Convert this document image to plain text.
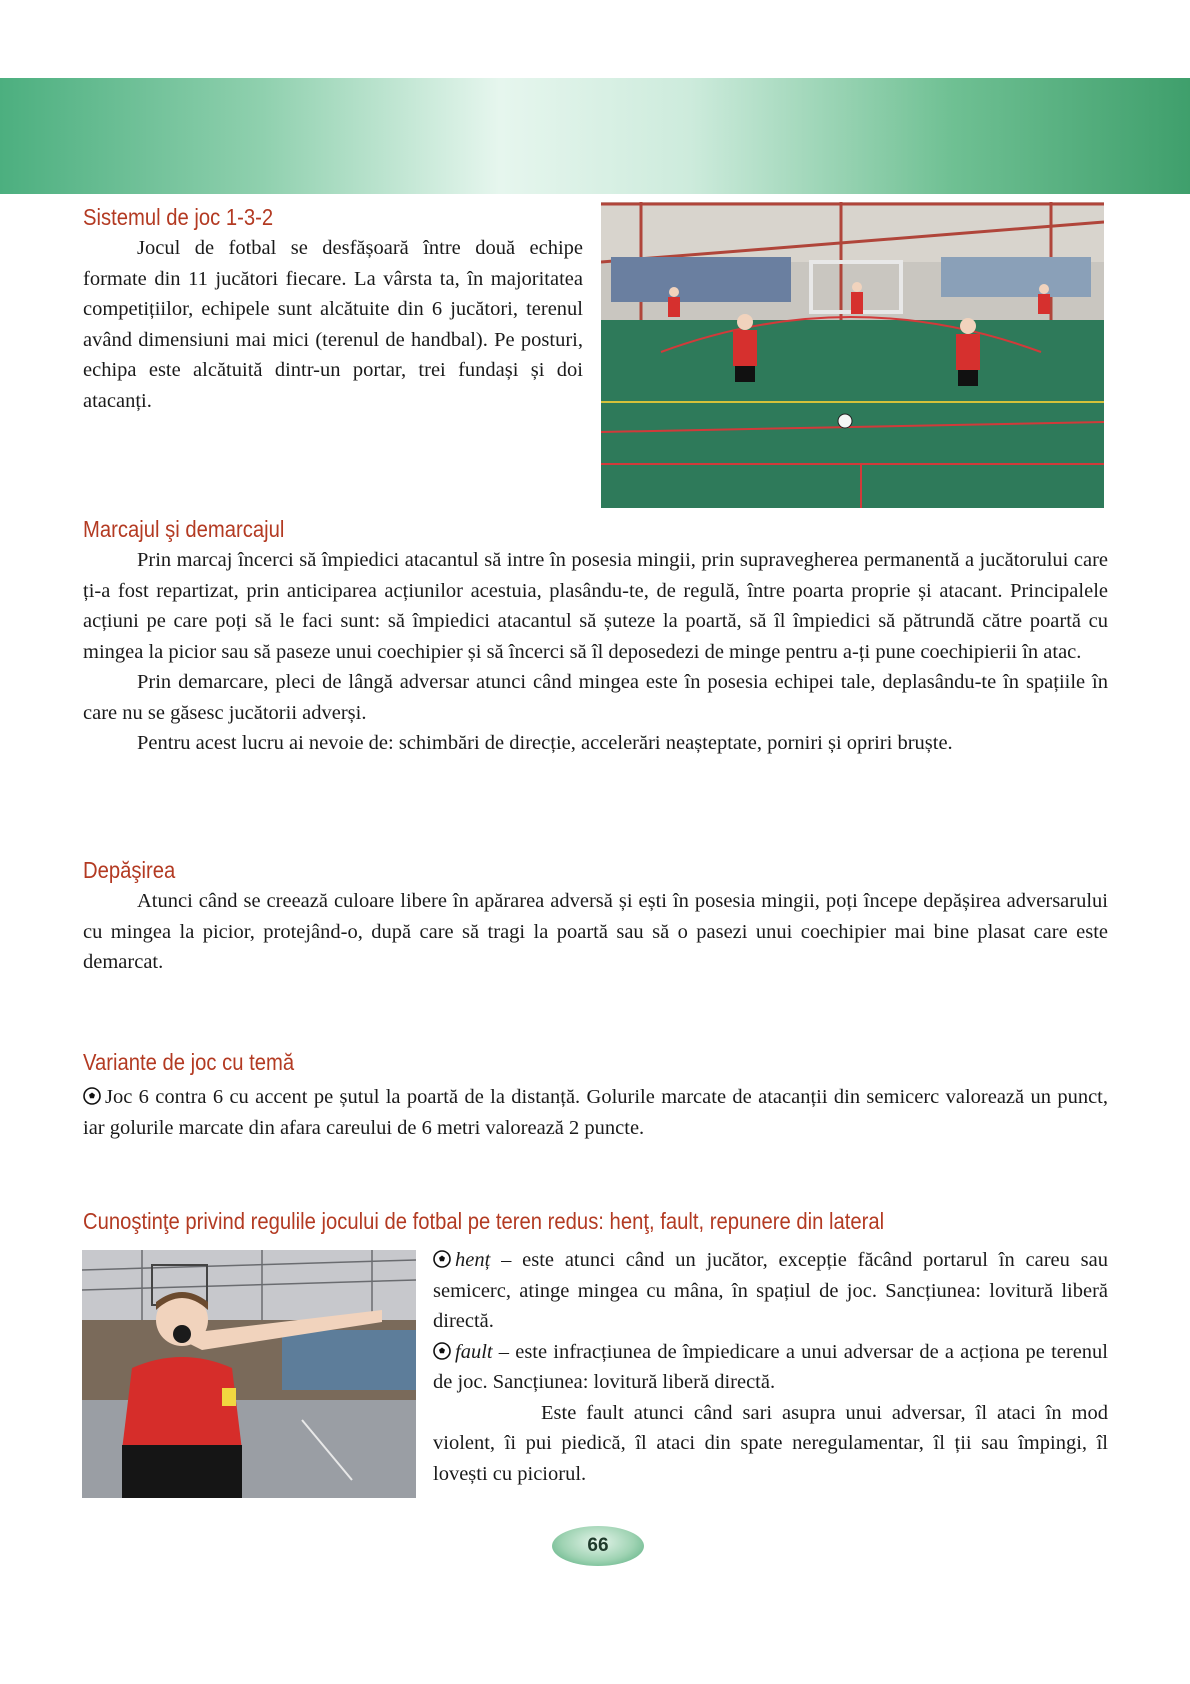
Sistemul de joc 1-3-2

Jocul de fotbal se desfășoară între două echipe formate din 11 jucători fiecare. La vârsta ta, în majoritatea competițiilor, echipele sunt alcătuite din 6 jucători, terenul având dimensiuni mai mici (terenul de handbal). Pe posturi, echipa este alcătuită dintr-un portar, trei fundași și doi atacanți.

Marcajul şi demarcajul

Prin marcaj încerci să împiedici atacantul să intre în posesia mingii, prin supravegherea permanentă a jucătorului care ți-a fost repartizat, prin anticiparea acțiunilor acestuia, plasându-te, de regulă, între poarta proprie și atacant. Principalele acțiuni pe care poți să le faci sunt: să împiedici atacantul să șuteze la poartă, să îl împiedici să pătrundă către poartă cu mingea la picior sau să paseze unui coechipier și să încerci să îl deposedezi de minge pentru a-ți pune coechipierii în atac.

Prin demarcare, pleci de lângă adversar atunci când mingea este în posesia echipei tale, deplasându-te în spațiile în care nu se găsesc jucătorii adverși.

Pentru acest lucru ai nevoie de: schimbări de direcție, accelerări neașteptate, porniri și opriri bruște.

Depăşirea

Atunci când se creează culoare libere în apărarea adversă și ești în posesia mingii, poți începe depășirea adversarului cu mingea la picior, protejând-o, după care să tragi la poartă sau să o pasezi unui coechipier mai bine plasat care este demarcat.

Variante de joc cu temă

Joc 6 contra 6 cu accent pe șutul la poartă de la distanță. Golurile marcate de atacanții din semicerc valorează un punct, iar golurile marcate din afara careului de 6 metri valorează 2 puncte.

Cunoştinţe privind regulile jocului de fotbal pe teren redus: henţ, fault, repunere din lateral

henț – este atunci când un jucător, excepție făcând portarul în careu sau semicerc, atinge mingea cu mâna, în spațiul de joc. Sancțiunea: lovitură liberă directă.

fault – este infracțiunea de împiedicare a unui adversar de a acționa pe terenul de joc. Sancțiunea: lovitură liberă directă.

Este fault atunci când sari asupra unui adversar, îl ataci în mod violent, îi pui piedică, îl ataci din spate neregulamentar, îl ții sau împingi, îl lovești cu piciorul.

66
